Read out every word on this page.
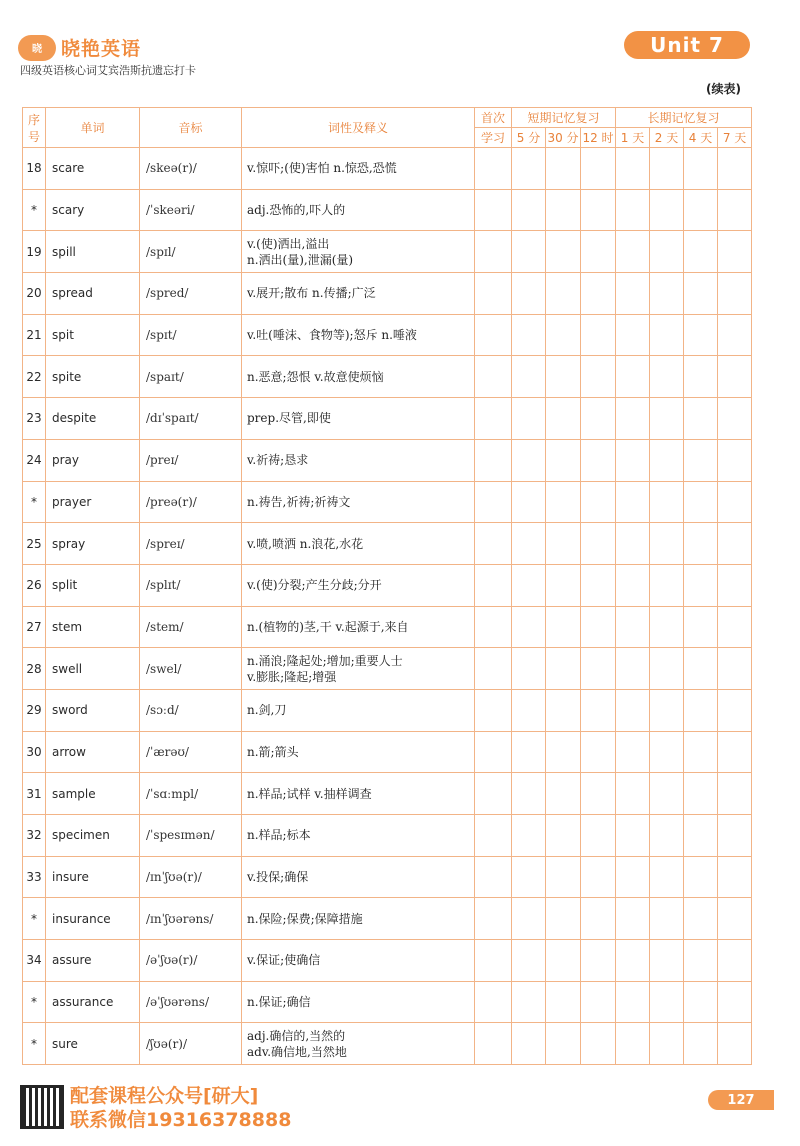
晓	晓艳英语
四级英语核心词艾宾浩斯抗遗忘打卡
Unit 7
(续表)
序号	单词	音标	词性及释义	首次	短期记忆复习			长期记忆复习			
				学习	5 分	30 分	12 时	1 天	2 天	4 天	7 天
18	scare	/skeə(r)/	v.惊吓;(使)害怕 n.惊恐,恐慌								

*	scary	/ˈskeəri/	adj.恐怖的,吓人的								

19	spill	/spɪl/	v.(使)洒出,溢出
n.洒出(量),泄漏(量)								

20	spread	/spred/	v.展开;散布 n.传播;广泛								

21	spit	/spɪt/	v.吐(唾沫、食物等);怒斥 n.唾液								

22	spite	/spaɪt/	n.恶意;怨恨 v.故意使烦恼								

23	despite	/dɪˈspaɪt/	prep.尽管,即使								

24	pray	/preɪ/	v.祈祷;恳求								

*	prayer	/preə(r)/	n.祷告,祈祷;祈祷文								

25	spray	/spreɪ/	v.喷,喷洒 n.浪花,水花								

26	split	/splɪt/	v.(使)分裂;产生分歧;分开								

27	stem	/stem/	n.(植物的)茎,干 v.起源于,来自								

28	swell	/swel/	n.涌浪;隆起处;增加;重要人士
v.膨胀;隆起;增强								

29	sword	/sɔːd/	n.剑,刀								

30	arrow	/ˈærəʊ/	n.箭;箭头								

31	sample	/ˈsɑːmpl/	n.样品;试样 v.抽样调查								

32	specimen	/ˈspesɪmən/	n.样品;标本								

33	insure	/ɪnˈʃʊə(r)/	v.投保;确保								

*	insurance	/ɪnˈʃʊərəns/	n.保险;保费;保障措施								

34	assure	/əˈʃʊə(r)/	v.保证;使确信								

*	assurance	/əˈʃʊərəns/	n.保证;确信								

*	sure	/ʃʊə(r)/	adj.确信的,当然的
adv.确信地,当然地								

配套课程公众号[研大]
联系微信19316378888
127
